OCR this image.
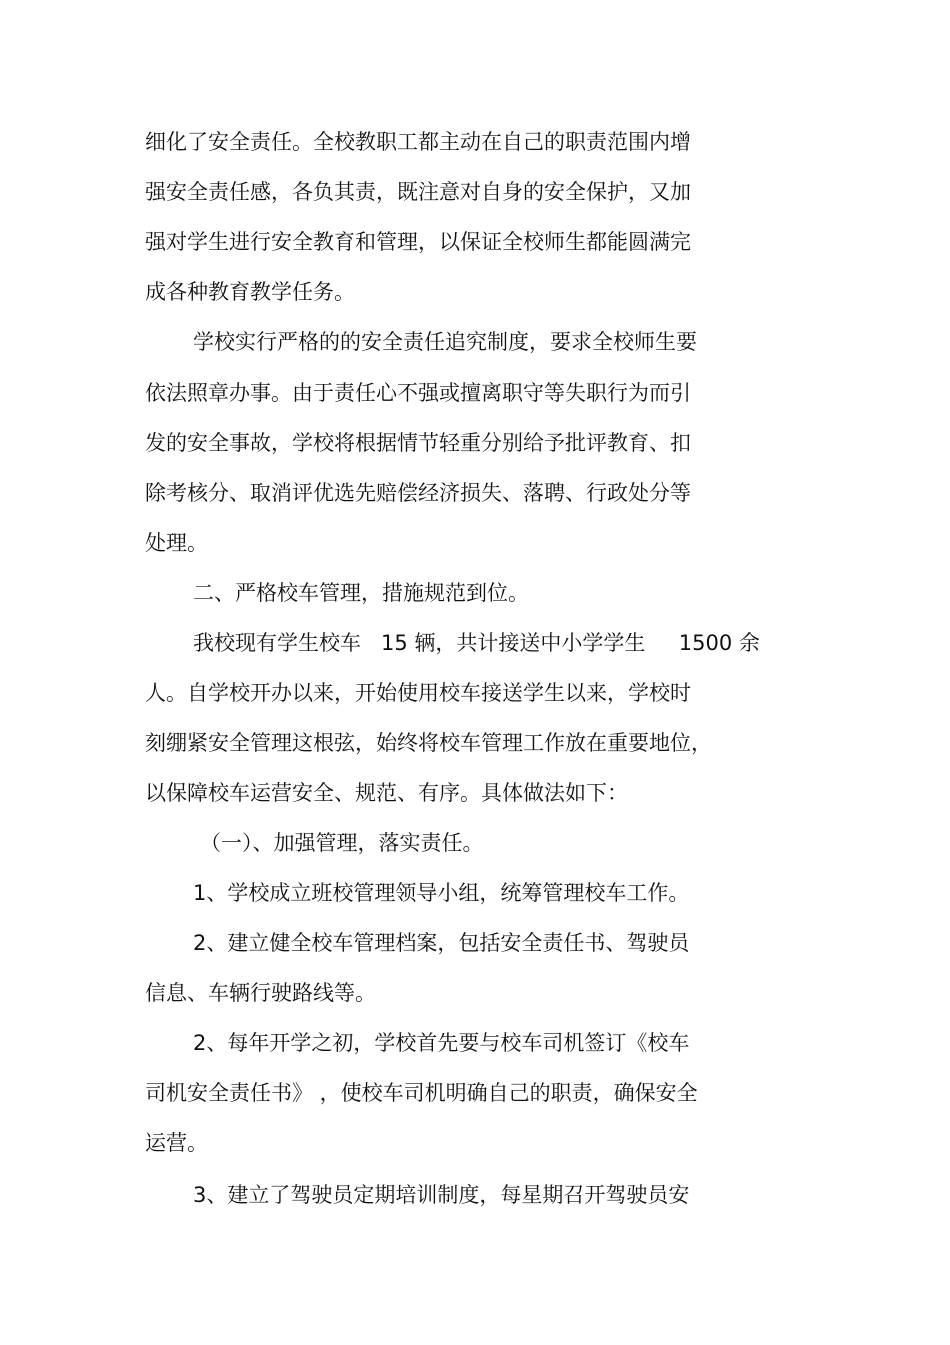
细化了安全责任。全校教职工都主动在自己的职责范围内增

强安全责任感，各负其责，既注意对自身的安全保护，又加

强对学生进行安全教育和管理，以保证全校师生都能圆满完

成各种教育教学任务。

学校实行严格的的安全责任追究制度，要求全校师生要

依法照章办事。由于责任心不强或擅离职守等失职行为而引

发的安全事故，学校将根据情节轻重分别给予批评教育、扣

除考核分、取消评优选先赔偿经济损失、落聘、行政处分等

处理。

二、严格校车管理，措施规范到位。

我校现有学生校车   15 辆，共计接送中小学学生     1500 余

人。自学校开办以来，开始使用校车接送学生以来，学校时

刻绷紧安全管理这根弦，始终将校车管理工作放在重要地位，

以保障校车运营安全、规范、有序。具体做法如下：

（一）、加强管理，落实责任。

1、学校成立班校管理领导小组，统筹管理校车工作。

2、建立健全校车管理档案，包括安全责任书、驾驶员

信息、车辆行驶路线等。

2、每年开学之初，学校首先要与校车司机签订《校车

司机安全责任书》 ，使校车司机明确自己的职责，确保安全

运营。

3、建立了驾驶员定期培训制度，每星期召开驾驶员安
